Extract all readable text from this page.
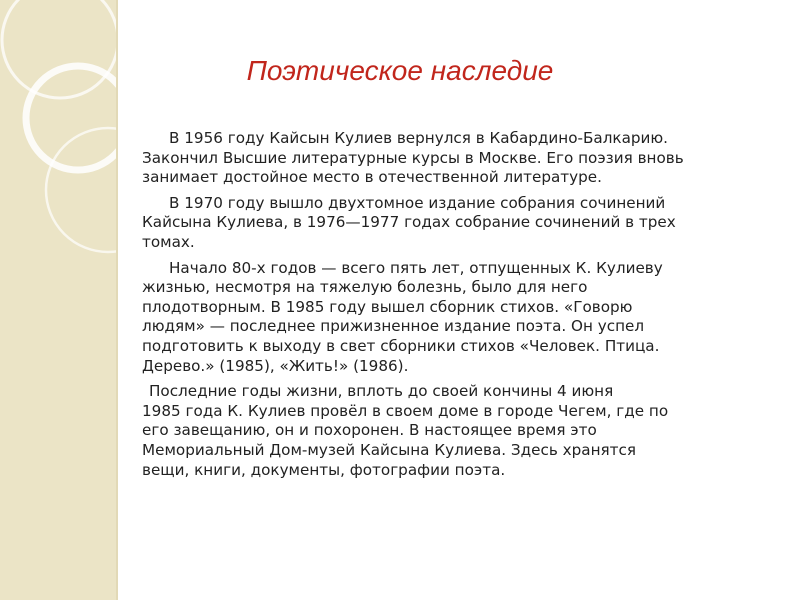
Поэтическое наследие

В 1956 году Кайсын Кулиев вернулся в Кабардино-Балкарию.
Закончил Высшие литературные курсы в Москве. Его поэзия вновь
занимает достойное место в отечественной литературе.

В 1970 году вышло двухтомное издание собрания сочинений
Кайсына Кулиева, в 1976—1977 годах собрание сочинений в трех
томах.

Начало 80-х годов — всего пять лет, отпущенных К. Кулиеву
жизнью, несмотря на тяжелую болезнь, было для него
плодотворным. В 1985 году вышел сборник стихов. «Говорю
людям» — последнее прижизненное издание поэта. Он успел
подготовить к выходу в свет сборники стихов «Человек. Птица.
Дерево.» (1985), «Жить!» (1986).

Последние годы жизни, вплоть до своей кончины 4 июня
1985 года К. Кулиев провёл в своем доме в городе Чегем, где по
его завещанию, он и похоронен. В настоящее время это
Мемориальный Дом-музей Кайсына Кулиева. Здесь хранятся
вещи, книги, документы, фотографии поэта.
